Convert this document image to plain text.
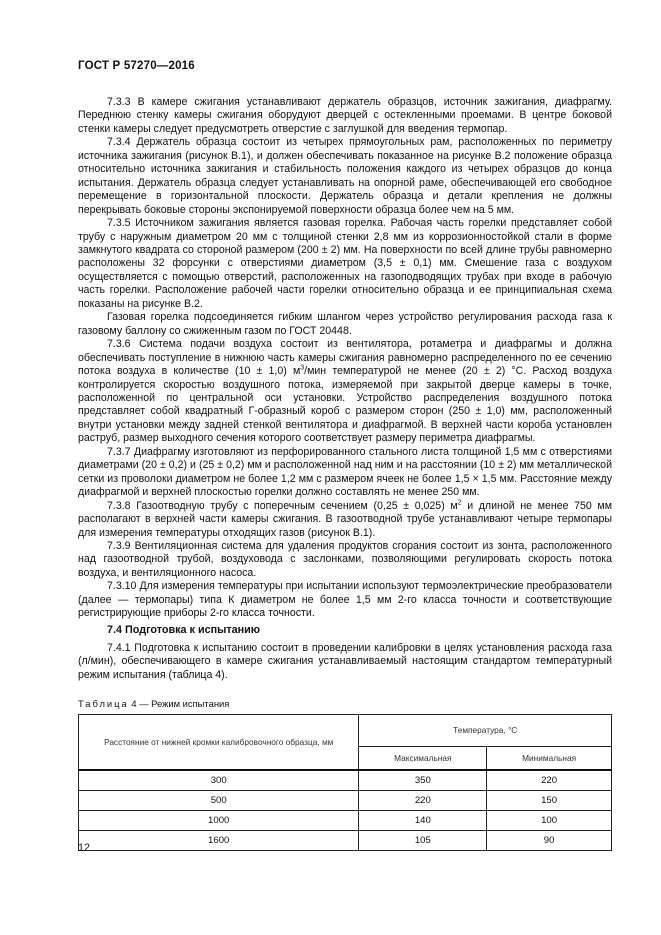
ГОСТ Р 57270—2016

7.3.3 В камере сжигания устанавливают держатель образцов, источник зажигания, диафрагму. Переднюю стенку камеры сжигания оборудуют дверцей с остекленными проемами. В центре боковой стенки камеры следует предусмотреть отверстие с заглушкой для введения термопар.

7.3.4 Держатель образца состоит из четырех прямоугольных рам, расположенных по периметру источника зажигания (рисунок В.1), и должен обеспечивать показанное на рисунке В.2 положение образца относительно источника зажигания и стабильность положения каждого из четырех образцов до конца испытания. Держатель образца следует устанавливать на опорной раме, обеспечивающей его свободное перемещение в горизонтальной плоскости. Держатель образца и детали крепления не должны перекрывать боковые стороны экспонируемой поверхности образца более чем на 5 мм.

7.3.5 Источником зажигания является газовая горелка. Рабочая часть горелки представляет собой трубу с наружным диаметром 20 мм с толщиной стенки 2,8 мм из коррозионностойкой стали в форме замкнутого квадрата со стороной размером (200 ± 2) мм. На поверхности по всей длине трубы равномерно расположены 32 форсунки с отверстиями диаметром (3,5 ± 0,1) мм. Смешение газа с воздухом осуществляется с помощью отверстий, расположенных на газоподводящих трубах при входе в рабочую часть горелки. Расположение рабочей части горелки относительно образца и ее принципиальная схема показаны на рисунке В.2.

Газовая горелка подсоединяется гибким шлангом через устройство регулирования расхода газа к газовому баллону со сжиженным газом по ГОСТ 20448.

7.3.6 Система подачи воздуха состоит из вентилятора, ротаметра и диафрагмы и должна обеспечивать поступление в нижнюю часть камеры сжигания равномерно распределенного по ее сечению потока воздуха в количестве (10 ± 1,0) $м^3$/мин температурой не менее (20 ± 2) °С. Расход воздуха контролируется скоростью воздушного потока, измеряемой при закрытой дверце камеры в точке, расположенной по центральной оси установки. Устройство распределения воздушного потока представляет собой квадратный Г-образный короб с размером сторон (250 ± 1,0) мм, расположенный внутри установки между задней стенкой вентилятора и диафрагмой. В верхней части короба установлен раструб, размер выходного сечения которого соответствует размеру периметра диафрагмы.

7.3.7 Диафрагму изготовляют из перфорированного стального листа толщиной 1,5 мм с отверстиями диаметрами (20 ± 0,2) и (25 ± 0,2) мм и расположенной над ним и на расстоянии (10 ± 2) мм металлической сетки из проволоки диаметром не более 1,2 мм с размером ячеек не более 1,5 × 1,5 мм. Расстояние между диафрагмой и верхней плоскостью горелки должно составлять не менее 250 мм.

7.3.8 Газоотводную трубу с поперечным сечением (0,25 ± 0,025) $м^2$ и длиной не менее 750 мм располагают в верхней части камеры сжигания. В газоотводной трубе устанавливают четыре термопары для измерения температуры отходящих газов (рисунок В.1).

7.3.9 Вентиляционная система для удаления продуктов сгорания состоит из зонта, расположенного над газоотводной трубой, воздуховода с заслонками, позволяющими регулировать скорость потока воздуха, и вентиляционного насоса.

7.3.10 Для измерения температуры при испытании используют термоэлектрические преобразователи (далее — термопары) типа К диаметром не более 1,5 мм 2-го класса точности и соответствующие регистрирующие приборы 2-го класса точности.

7.4 Подготовка к испытанию
7.4.1 Подготовка к испытанию состоит в проведении калибровки в целях установления расхода газа (л/мин), обеспечивающего в камере сжигания устанавливаемый настоящим стандартом температурный режим испытания (таблица 4).
Таблица 4 — Режим испытания
Расстояние от нижней кромки калибровочного образца, мм	Температура, °С	
	Максимальная	Минимальная
300	350	220
500	220	150
1000	140	100
1600	105	90
12
